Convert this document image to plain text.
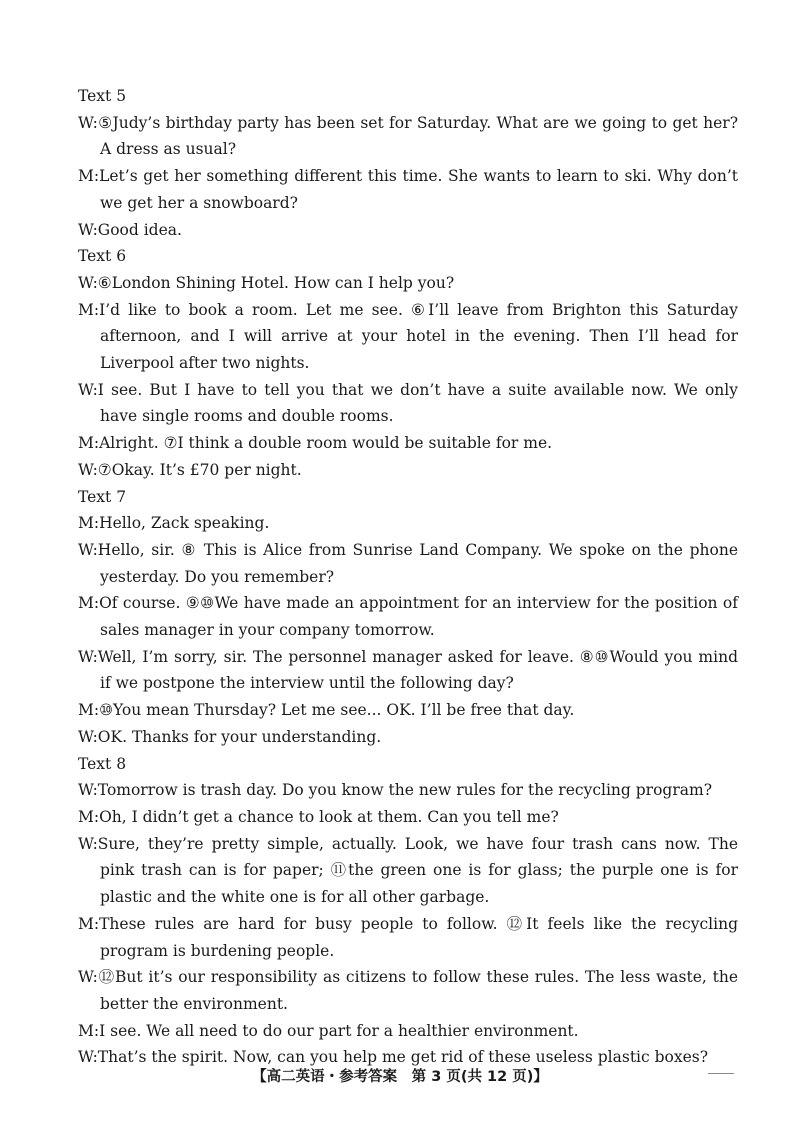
Text 5

W:⑤Judy’s birthday party has been set for Saturday. What are we going to get her? A dress as usual?

M:Let’s get her something different this time. She wants to learn to ski. Why don’t we get her a snowboard?

W:Good idea.

Text 6

W:⑥London Shining Hotel. How can I help you?

M:I’d like to book a room. Let me see. ⑥I’ll leave from Brighton this Saturday afternoon, and I will arrive at your hotel in the evening. Then I’ll head for Liverpool after two nights.

W:I see. But I have to tell you that we don’t have a suite available now. We only have single rooms and double rooms.

M:Alright. ⑦I think a double room would be suitable for me.

W:⑦Okay. It’s £70 per night.

Text 7

M:Hello, Zack speaking.

W:Hello, sir. ⑧ This is Alice from Sunrise Land Company. We spoke on the phone yesterday. Do you remember?

M:Of course. ⑨⑩We have made an appointment for an interview for the position of sales manager in your company tomorrow.

W:Well, I’m sorry, sir. The personnel manager asked for leave. ⑧⑩Would you mind if we postpone the interview until the following day?

M:⑩You mean Thursday? Let me see... OK. I’ll be free that day.

W:OK. Thanks for your understanding.

Text 8

W:Tomorrow is trash day. Do you know the new rules for the recycling program?

M:Oh, I didn’t get a chance to look at them. Can you tell me?

W:Sure, they’re pretty simple, actually. Look, we have four trash cans now. The pink trash can is for paper; ⑪the green one is for glass; the purple one is for plastic and the white one is for all other garbage.

M:These rules are hard for busy people to follow. ⑫It feels like the recycling program is burdening people.

W:⑫But it’s our responsibility as citizens to follow these rules. The less waste, the better the environment.

M:I see. We all need to do our part for a healthier environment.

W:That’s the spirit. Now, can you help me get rid of these useless plastic boxes?

【高二英语・参考答案　第 3 页(共 12 页)】
